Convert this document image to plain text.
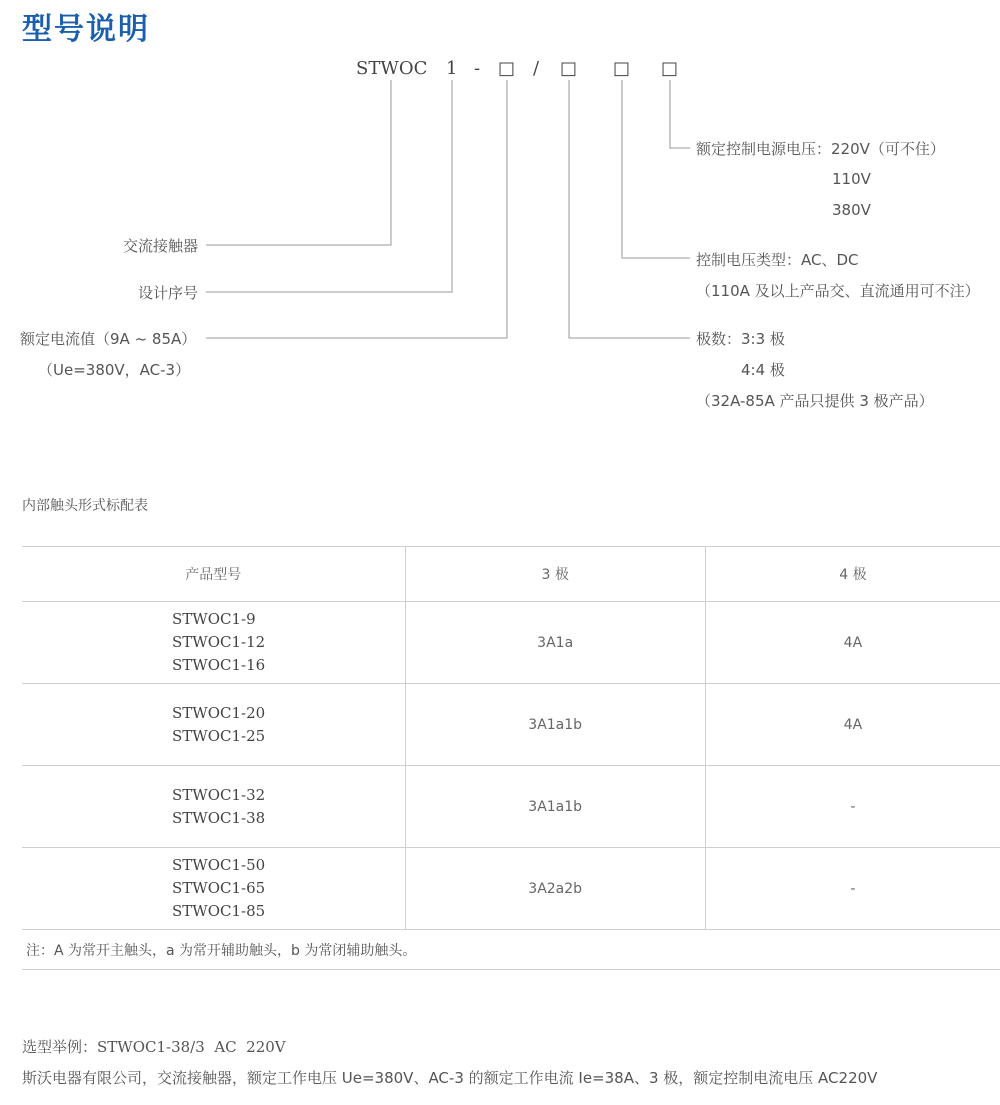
型号说明
STWOC 1 - □ / □ □ □
交流接触器
设计序号
额定电流值（9A ~ 85A）
（Ue=380V，AC-3）
额定控制电源电压：220V（可不住）
110V
380V
控制电压类型：AC、DC
（110A 及以上产品交、直流通用可不注）
极数：3:3 极
4:4 极
（32A-85A 产品只提供 3 极产品）
内部触头形式标配表
产品型号	3 极	4 极

STWOC1-9
STWOC1-12
STWOC1-16	3A1a	4A

STWOC1-20
STWOC1-25	3A1a1b	4A

STWOC1-32
STWOC1-38	3A1a1b	-

STWOC1-50
STWOC1-65
STWOC1-85	3A2a2b	-
注：A 为常开主触头，a 为常开辅助触头，b 为常闭辅助触头。		
选型举例：STWOC1-38/3  AC  220V
斯沃电器有限公司，交流接触器，额定工作电压 Ue=380V、AC-3 的额定工作电流 Ie=38A、3 极，额定控制电流电压 AC220V
